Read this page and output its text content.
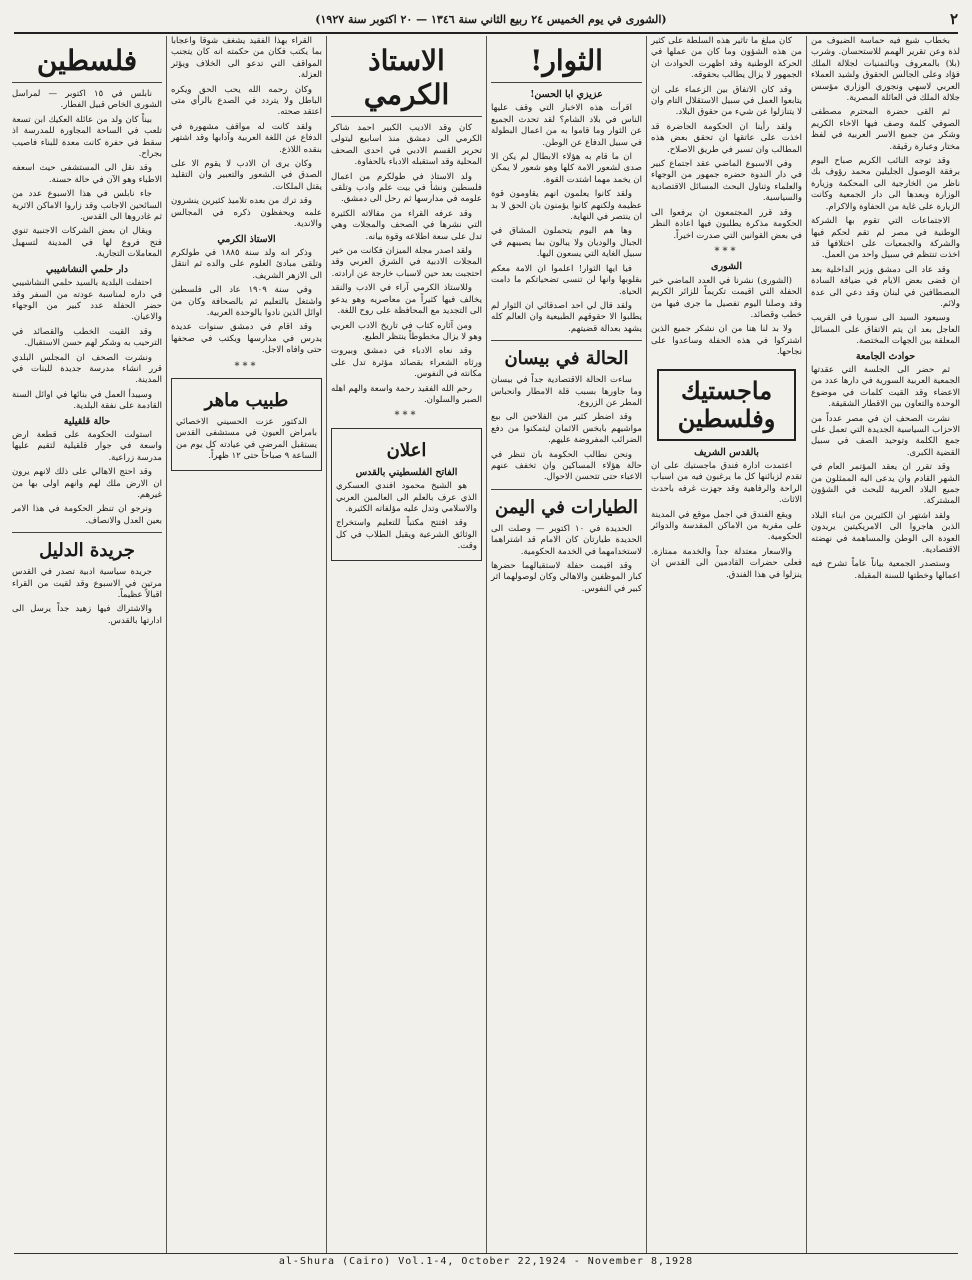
٢
(الشورى في يوم الخميس ٢٤ ربيع الثاني سنة ١٣٤٦ — ٢٠ اكتوبر سنة ١٩٢٧)

بخطاب شيع فيه حماسة الضيوف من لذة وعن تقرير الهمم للاستحسان. وشرب (بلا) بالمعروف وبالتمنيات لجلالة الملك فؤاد وعلى الجالس الحقوق ولشيد العملاء العربي لاسهي ونجوري الوزاري مؤسس جلالة الملك في العائلة المصرية.

ثم القى حضرة المحترم مصطفى الصوفي كلمة وصف فيها الاخاء الكريم وشكر من جميع الاسر العربية في لفظ مختار وعبارة رقيقة.

وقد توجه النائب الكريم صباح اليوم برفقة الوصول الجليلين محمد رؤوف بك ناظر من الخارجية الى المحكمة وزيارة الوزارة وبعدها الى دار الجمعية وكانت الزيارة على غاية من الحفاوة والاكرام.

الاجتماعات التي تقوم بها الشركة الوطنية في مصر لم تقم لحكم فيها والشركة والجمعيات على اختلافها قد اخذت تنتظم في سبيل واحد من العمل.

وقد عاد الى دمشق وزير الداخلية بعد ان قضى بعض الايام في ضيافة السادة المصطافين في لبنان وقد دعي الى عدة ولائم.

وسيعود السيد الى سوريا في القريب العاجل بعد ان يتم الاتفاق على المسائل المعلقة بين الجهات المختصة.

حوادث الجامعة

ثم حضر الى الجلسة التي عقدتها الجمعية العربية السورية في دارها عدد من الاعضاء وقد القيت كلمات في موضوع الوحدة والتعاون بين الاقطار الشقيقة.

نشرت الصحف ان في مصر عدداً من الاحزاب السياسية الجديدة التي تعمل على جمع الكلمة وتوحيد الصف في سبيل القضية الكبرى.

وقد تقرر ان يعقد المؤتمر العام في الشهر القادم وان يدعى اليه الممثلون من جميع البلاد العربية للبحث في الشؤون المشتركة.

ولقد اشتهر ان الكثيرين من ابناء البلاد الذين هاجروا الى الامريكيتين يريدون العودة الى الوطن والمساهمة في نهضته الاقتصادية.

وستصدر الجمعية بياناً عاماً تشرح فيه اعمالها وخطتها للسنة المقبلة.

كان مبلغ ما تأثير هذه السلطة على كثير من هذه الشؤون وما كان من عملها في الحركة الوطنية وقد اظهرت الحوادث ان الجمهور لا يزال يطالب بحقوقه.

وقد كان الاتفاق بين الزعماء على ان يتابعوا العمل في سبيل الاستقلال التام وان لا يتنازلوا عن شيء من حقوق البلاد.

ولقد رأينا ان الحكومة الحاضرة قد اخذت على عاتقها ان تحقق بعض هذه المطالب وان تسير في طريق الاصلاح.

وفي الاسبوع الماضي عقد اجتماع كبير في دار الندوة حضره جمهور من الوجهاء والعلماء وتناول البحث المسائل الاقتصادية والسياسية.

وقد قرر المجتمعون ان يرفعوا الى الحكومة مذكرة يطلبون فيها اعادة النظر في بعض القوانين التي صدرت اخيراً.

***
الشورى

(الشورى) نشرنا في العدد الماضي خبر الحفلة التي اقيمت تكريماً للزائر الكريم وقد وصلنا اليوم تفصيل ما جرى فيها من خطب وقصائد.

ولا بد لنا هنا من ان نشكر جميع الذين اشتركوا في هذه الحفلة وساعدوا على نجاحها.

ماجستيك وفلسطين
بالقدس الشريف

اعتمدت ادارة فندق ماجستيك على ان تقدم لزبائنها كل ما يرغبون فيه من اسباب الراحة والرفاهية وقد جهزت غرفه باحدث الاثاث.

ويقع الفندق في اجمل موقع في المدينة على مقربة من الاماكن المقدسة والدوائر الحكومية.

والاسعار معتدلة جداً والخدمة ممتازة. فعلى حضرات القادمين الى القدس ان ينزلوا في هذا الفندق.

الثوار!
عزيزي ابا الحسن!

اقرأت هذه الاخبار التي وقف عليها الناس في بلاد الشام؟ لقد تحدث الجميع عن الثوار وما قاموا به من اعمال البطولة في سبيل الدفاع عن الوطن.

ان ما قام به هؤلاء الابطال لم يكن الا صدى لشعور الامة كلها وهو شعور لا يمكن ان يخمد مهما اشتدت القوة.

ولقد كانوا يعلمون انهم يقاومون قوة عظيمة ولكنهم كانوا يؤمنون بان الحق لا بد ان ينتصر في النهاية.

وها هم اليوم يتحملون المشاق في الجبال والوديان ولا يبالون بما يصيبهم في سبيل الغاية التي يسعون اليها.

فيا ايها الثوار! اعلموا ان الامة معكم بقلوبها وانها لن تنسى تضحياتكم ما دامت الحياة.

ولقد قال لي احد اصدقائي ان الثوار لم يطلبوا الا حقوقهم الطبيعية وان العالم كله يشهد بعدالة قضيتهم.

الحالة في بيسان

ساءت الحالة الاقتصادية جداً في بيسان وما جاورها بسبب قلة الامطار وانحباس المطر عن الزروع.

وقد اضطر كثير من الفلاحين الى بيع مواشيهم بابخس الاثمان ليتمكنوا من دفع الضرائب المفروضة عليهم.

ونحن نطالب الحكومة بان تنظر في حالة هؤلاء المساكين وان تخفف عنهم الاعباء حتى تتحسن الاحوال.

الطيارات في اليمن

الحديدة في ١٠ اكتوبر — وصلت الى الحديدة طيارتان كان الامام قد اشتراهما لاستخدامهما في الخدمة الحكومية.

وقد اقيمت حفلة لاستقبالهما حضرها كبار الموظفين والاهالي وكان لوصولهما اثر كبير في النفوس.

الاستاذ الكرمي

كان وقد الاديب الكبير احمد شاكر الكرمي الى دمشق منذ اسابيع ليتولى تحرير القسم الادبي في احدى الصحف المحلية وقد استقبله الادباء بالحفاوة.

ولد الاستاذ في طولكرم من اعمال فلسطين ونشأ في بيت علم وادب وتلقى علومه في مدارسها ثم رحل الى دمشق.

وقد عرفه القراء من مقالاته الكثيرة التي نشرها في الصحف والمجلات وهي تدل على سعة اطلاعه وقوة بيانه.

ولقد اصدر مجلة الميزان فكانت من خير المجلات الادبية في الشرق العربي وقد احتجبت بعد حين لاسباب خارجة عن ارادته.

وللاستاذ الكرمي آراء في الادب والنقد يخالف فيها كثيراً من معاصريه وهو يدعو الى التجديد مع المحافظة على روح اللغة.

ومن آثاره كتاب في تاريخ الادب العربي وهو لا يزال مخطوطاً ينتظر الطبع.

وقد نعاه الادباء في دمشق وبيروت ورثاه الشعراء بقصائد مؤثرة تدل على مكانته في النفوس.

رحم الله الفقيد رحمة واسعة والهم اهله الصبر والسلوان.

***
اعلان
الفاتح الفلسطيني بالقدس

هو الشيخ محمود افندي العسكري الذي عرف بالعلم الى العالمين العربي والاسلامي وتدل عليه مؤلفاته الكثيرة.

وقد افتتح مكتباً للتعليم واستخراج الوثائق الشرعية ويقبل الطلاب في كل وقت.

القراء بهذا الفقيد يشغف شوقاً واعجاباً بما يكتب فكان من حكمته انه كان يتجنب المواقف التي تدعو الى الخلاف ويؤثر العزلة.

وكان رحمه الله يحب الحق ويكره الباطل ولا يتردد في الصدع بالرأي متى اعتقد صحته.

ولقد كانت له مواقف مشهورة في الدفاع عن اللغة العربية وآدابها وقد اشتهر بنقده اللاذع.

وكان يرى ان الادب لا يقوم الا على الصدق في الشعور والتعبير وان التقليد يقتل الملكات.

وقد ترك من بعده تلاميذ كثيرين ينشرون علمه ويحفظون ذكره في المجالس والاندية.

الاستاذ الكرمي

وذكر انه ولد سنة ١٨٨٥ في طولكرم وتلقى مبادئ العلوم على والده ثم انتقل الى الازهر الشريف.

وفي سنة ١٩٠٩ عاد الى فلسطين واشتغل بالتعليم ثم بالصحافة وكان من اوائل الذين نادوا بالوحدة العربية.

وقد اقام في دمشق سنوات عديدة يدرس في مدارسها ويكتب في صحفها حتى وافاه الاجل.

***
طبيب ماهر

الدكتور عزت الحسيني الاخصائي بامراض العيون في مستشفى القدس يستقبل المرضى في عيادته كل يوم من الساعة ٩ صباحاً حتى ١٢ ظهراً.

فلسطين

نابلس في ١٥ اكتوبر — لمراسل الشورى الخاص قبيل الفطار.

بيناً كان ولد من عائلة العكيك ابن تسعة تلعب في الساحة المجاورة للمدرسة اذ سقط في حفرة كانت معدة للبناء فاصيب بجراح.

وقد نقل الى المستشفى حيث اسعفه الاطباء وهو الآن في حالة حسنة.

جاء نابلس في هذا الاسبوع عدد من السائحين الاجانب وقد زاروا الاماكن الاثرية ثم غادروها الى القدس.

ويقال ان بعض الشركات الاجنبية تنوي فتح فروع لها في المدينة لتسهيل المعاملات التجارية.

دار حلمي النشاشيبي

احتفلت البلدية بالسيد حلمي النشاشيبي في داره لمناسبة عودته من السفر وقد حضر الحفلة عدد كبير من الوجهاء والاعيان.

وقد القيت الخطب والقصائد في الترحيب به وشكر لهم حسن الاستقبال.

ونشرت الصحف ان المجلس البلدي قرر انشاء مدرسة جديدة للبنات في المدينة.

وسيبدأ العمل في بنائها في اوائل السنة القادمة على نفقة البلدية.

حالة قلقيلية

استولت الحكومة على قطعة ارض واسعة في جوار قلقيلية لتقيم عليها مدرسة زراعية.

وقد احتج الاهالي على ذلك لانهم يرون ان الارض ملك لهم وانهم اولى بها من غيرهم.

ونرجو ان تنظر الحكومة في هذا الامر بعين العدل والانصاف.

جريدة الدليل

جريدة سياسية ادبية تصدر في القدس مرتين في الاسبوع وقد لقيت من القراء اقبالاً عظيماً.

والاشتراك فيها زهيد جداً يرسل الى ادارتها بالقدس.

al-Shura (Cairo) Vol.1-4, October 22,1924 - November 8,1928
